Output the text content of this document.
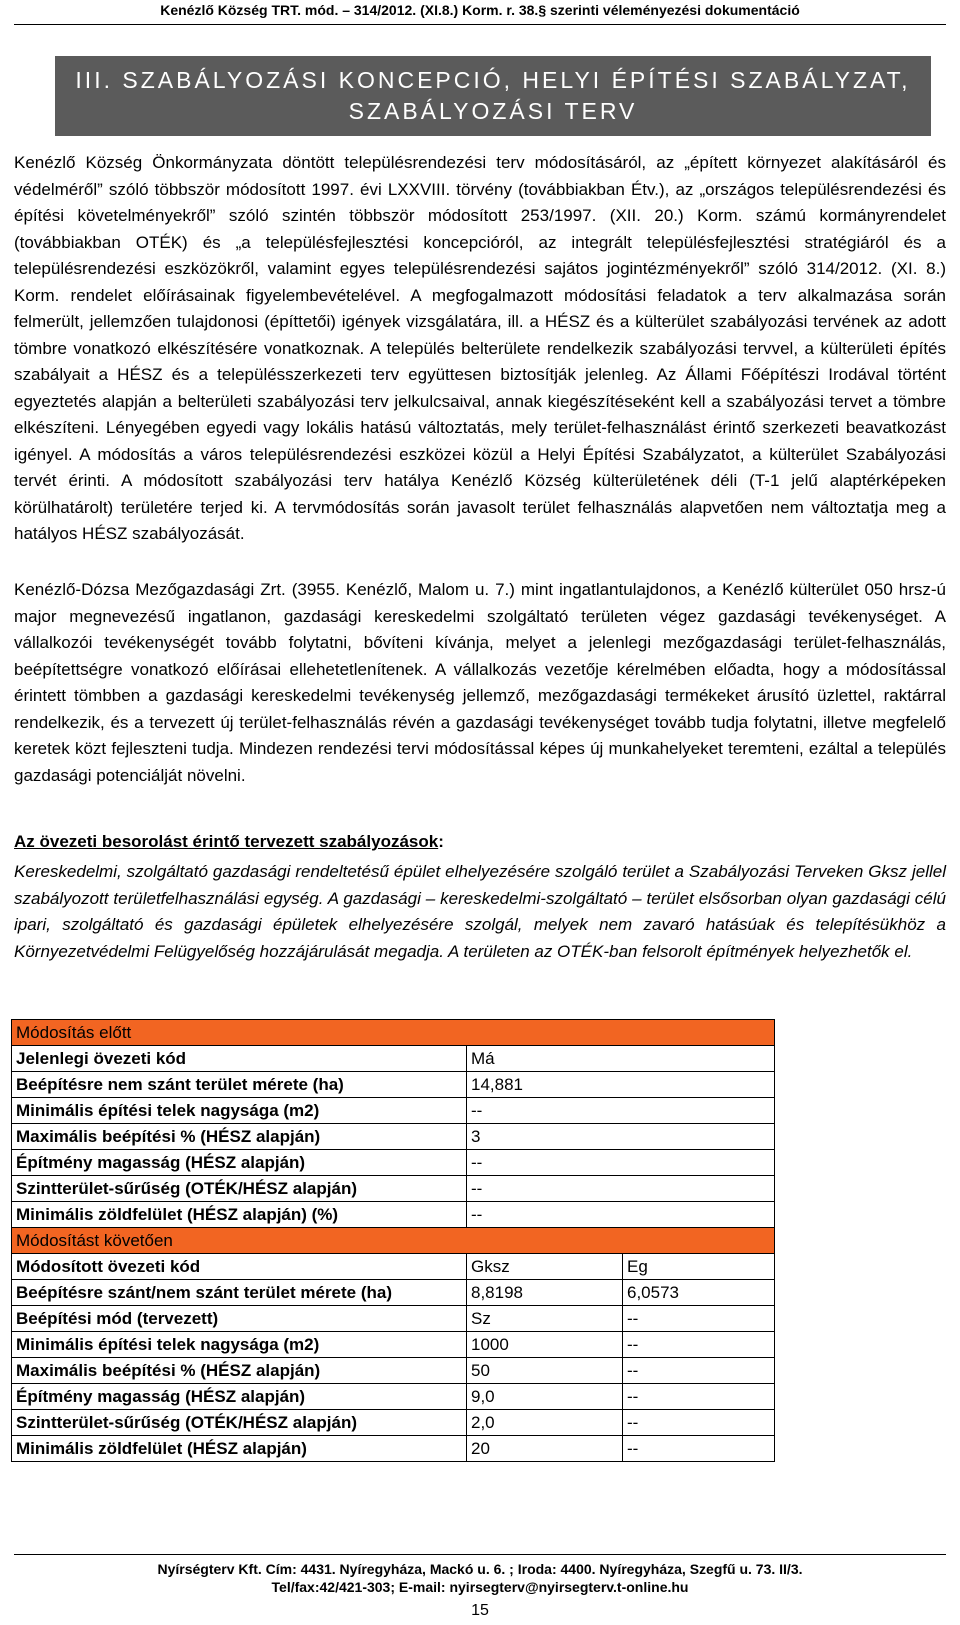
Kenézlő Község TRT. mód. – 314/2012. (XI.8.) Korm. r. 38.§ szerinti véleményezési dokumentáció
III. SZABÁLYOZÁSI KONCEPCIÓ, HELYI ÉPÍTÉSI SZABÁLYZAT,
SZABÁLYOZÁSI TERV
Kenézlő Község Önkormányzata döntött településrendezési terv módosításáról, az „épített környezet alakításáról és védelméről” szóló többször módosított 1997. évi LXXVIII. törvény (továbbiakban Étv.), az „országos településrendezési és építési követelményekről” szóló szintén többször módosított 253/1997. (XII. 20.) Korm. számú kormányrendelet (továbbiakban OTÉK) és „a településfejlesztési koncepcióról, az integrált településfejlesztési stratégiáról és a településrendezési eszközökről, valamint egyes településrendezési sajátos jogintézményekről” szóló 314/2012. (XI. 8.) Korm. rendelet előírásainak figyelembevételével. A megfogalmazott módosítási feladatok a terv alkalmazása során felmerült, jellemzően tulajdonosi (építtetői) igények vizsgálatára, ill. a HÉSZ és a külterület szabályozási tervének az adott tömbre vonatkozó elkészítésére vonatkoznak. A település belterülete rendelkezik szabályozási tervvel, a külterületi építés szabályait a HÉSZ és a településszerkezeti terv együttesen biztosítják jelenleg. Az Állami Főépítészi Irodával történt egyeztetés alapján a belterületi szabályozási terv jelkulcsaival, annak kiegészítéseként kell a szabályozási tervet a tömbre elkészíteni. Lényegében egyedi vagy lokális hatású változtatás, mely terület-felhasználást érintő szerkezeti beavatkozást igényel. A módosítás a város településrendezési eszközei közül a Helyi Építési Szabályzatot, a külterület Szabályozási tervét érinti. A módosított szabályozási terv hatálya Kenézlő Község külterületének déli (T-1 jelű alaptérképeken körülhatárolt) területére terjed ki. A tervmódosítás során javasolt terület felhasználás alapvetően nem változtatja meg a hatályos HÉSZ szabályozását.
Kenézlő-Dózsa Mezőgazdasági Zrt. (3955. Kenézlő, Malom u. 7.) mint ingatlantulajdonos, a Kenézlő külterület 050 hrsz-ú major megnevezésű ingatlanon, gazdasági kereskedelmi szolgáltató területen végez gazdasági tevékenységet. A vállalkozói tevékenységét tovább folytatni, bővíteni kívánja, melyet a jelenlegi mezőgazdasági terület-felhasználás, beépítettségre vonatkozó előírásai ellehetetlenítenek. A vállalkozás vezetője kérelmében előadta, hogy a módosítással érintett tömbben a gazdasági kereskedelmi tevékenység jellemző, mezőgazdasági termékeket árusító üzlettel, raktárral rendelkezik, és a tervezett új terület-felhasználás révén a gazdasági tevékenységet tovább tudja folytatni, illetve megfelelő keretek közt fejleszteni tudja. Mindezen rendezési tervi módosítással képes új munkahelyeket teremteni, ezáltal a település gazdasági potenciálját növelni.
Az övezeti besorolást érintő tervezett szabályozások:
Kereskedelmi, szolgáltató gazdasági rendeltetésű épület elhelyezésére szolgáló terület a Szabályozási Terveken Gksz jellel szabályozott területfelhasználási egység. A gazdasági – kereskedelmi-szolgáltató – terület elsősorban olyan gazdasági célú ipari, szolgáltató és gazdasági épületek elhelyezésére szolgál, melyek nem zavaró hatásúak és telepítésükhöz a Környezetvédelmi Felügyelőség hozzájárulását megadja. A területen az OTÉK-ban felsorolt építmények helyezhetők el.
Módosítás előtt		
Jelenlegi övezeti kód	Má	
Beépítésre nem szánt terület mérete (ha)	14,881	
Minimális építési telek nagysága (m2)	--	
Maximális beépítési % (HÉSZ alapján)	3	
Építmény magasság (HÉSZ alapján)	--	
Szintterület-sűrűség (OTÉK/HÉSZ alapján)	--	
Minimális zöldfelület (HÉSZ alapján) (%)	--	
Módosítást követően		
Módosított övezeti kód	Gksz	Eg
Beépítésre szánt/nem szánt terület mérete (ha)	8,8198	6,0573
Beépítési mód (tervezett)	Sz	--
Minimális építési telek nagysága (m2)	1000	--
Maximális beépítési % (HÉSZ alapján)	50	--
Építmény magasság (HÉSZ alapján)	9,0	--
Szintterület-sűrűség (OTÉK/HÉSZ alapján)	2,0	--
Minimális zöldfelület (HÉSZ alapján)	20	--
Nyírségterv Kft. Cím: 4431. Nyíregyháza, Mackó u. 6. ; Iroda: 4400. Nyíregyháza, Szegfű u. 73. II/3.
Tel/fax:42/421-303; E-mail: nyirsegterv@nyirsegterv.t-online.hu
15
